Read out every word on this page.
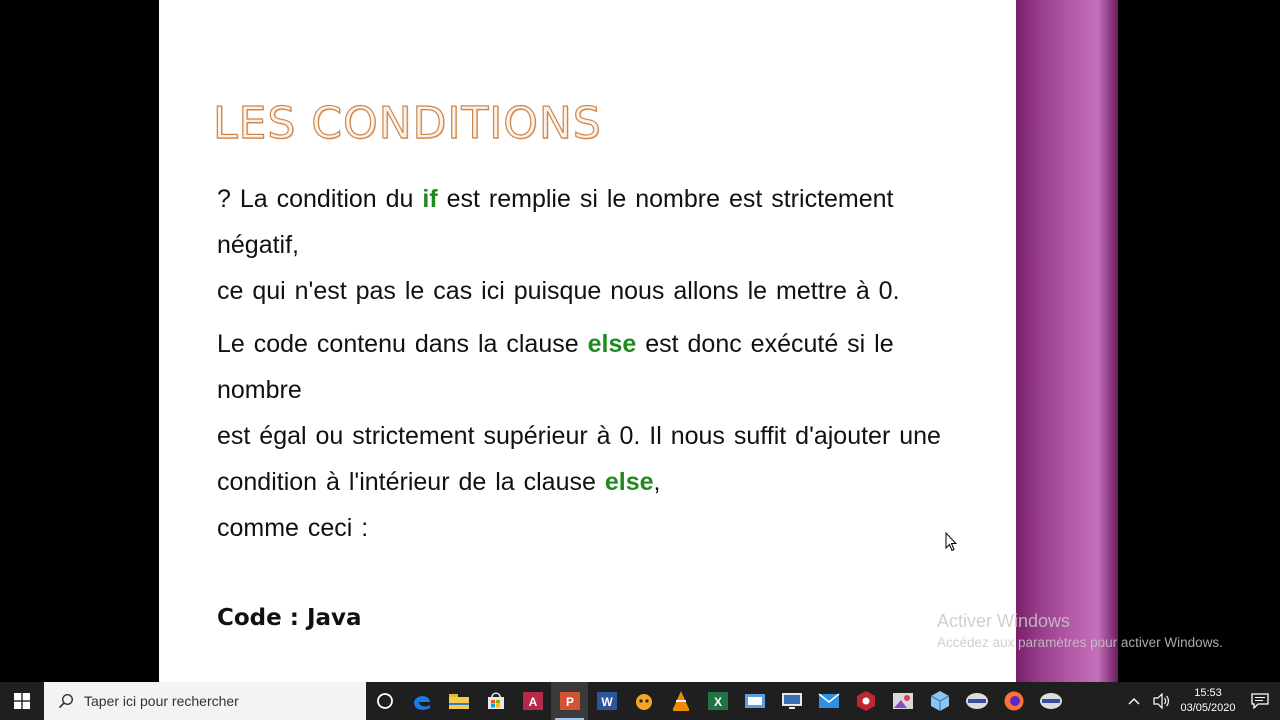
LES CONDITIONS

? La condition du if est remplie si le nombre est strictement négatif,
ce qui n'est pas le cas ici puisque nous allons le mettre à 0.

Le code contenu dans la clause else est donc exécuté si le nombre
est égal ou strictement supérieur à 0. Il nous suffit d'ajouter une condition à l'intérieur de la clause else,
comme ceci :

Code : Java	Activer Windows
Accédez aux paramètres pour activer Windows.
Taper ici pour rechercher	A P W	X
15:53
03/05/2020
